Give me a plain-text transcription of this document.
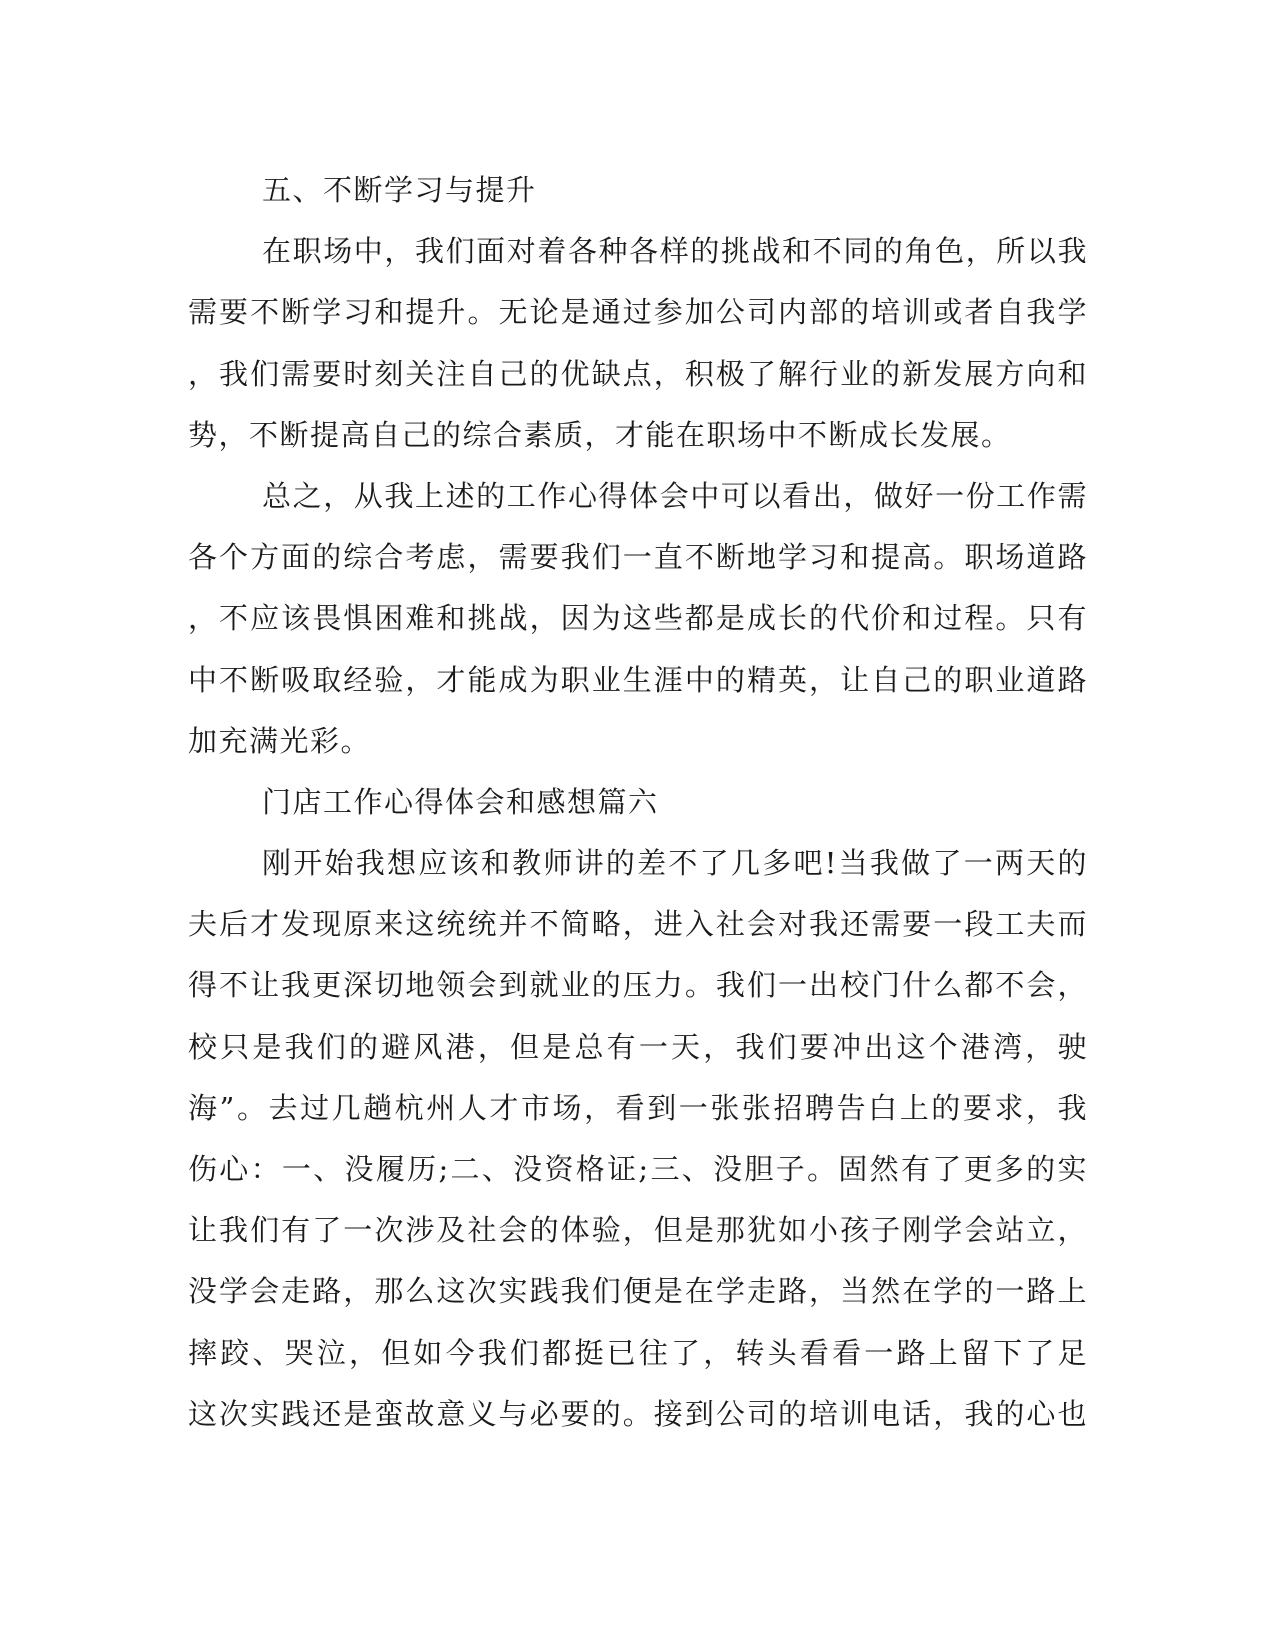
五、不断学习与提升
在职场中，我们面对着各种各样的挑战和不同的角色，所以我
需要不断学习和提升。无论是通过参加公司内部的培训或者自我学
，我们需要时刻关注自己的优缺点，积极了解行业的新发展方向和
势，不断提高自己的综合素质，才能在职场中不断成长发展。
总之，从我上述的工作心得体会中可以看出，做好一份工作需
各个方面的综合考虑，需要我们一直不断地学习和提高。职场道路
，不应该畏惧困难和挑战，因为这些都是成长的代价和过程。只有
中不断吸取经验，才能成为职业生涯中的精英，让自己的职业道路
加充满光彩。
门店工作心得体会和感想篇六
刚开始我想应该和教师讲的差不了几多吧!当我做了一两天的
夫后才发现原来这统统并不简略，进入社会对我还需要一段工夫而
得不让我更深切地领会到就业的压力。我们一出校门什么都不会，
校只是我们的避风港，但是总有一天，我们要冲出这个港湾，驶
海”。去过几趟杭州人才市场，看到一张张招聘告白上的要求，我
伤心：一、没履历;二、没资格证;三、没胆子。固然有了更多的实
让我们有了一次涉及社会的体验，但是那犹如小孩子刚学会站立，
没学会走路，那么这次实践我们便是在学走路，当然在学的一路上
摔跤、哭泣，但如今我们都挺已往了，转头看看一路上留下了足
这次实践还是蛮故意义与必要的。接到公司的培训电话，我的心也
